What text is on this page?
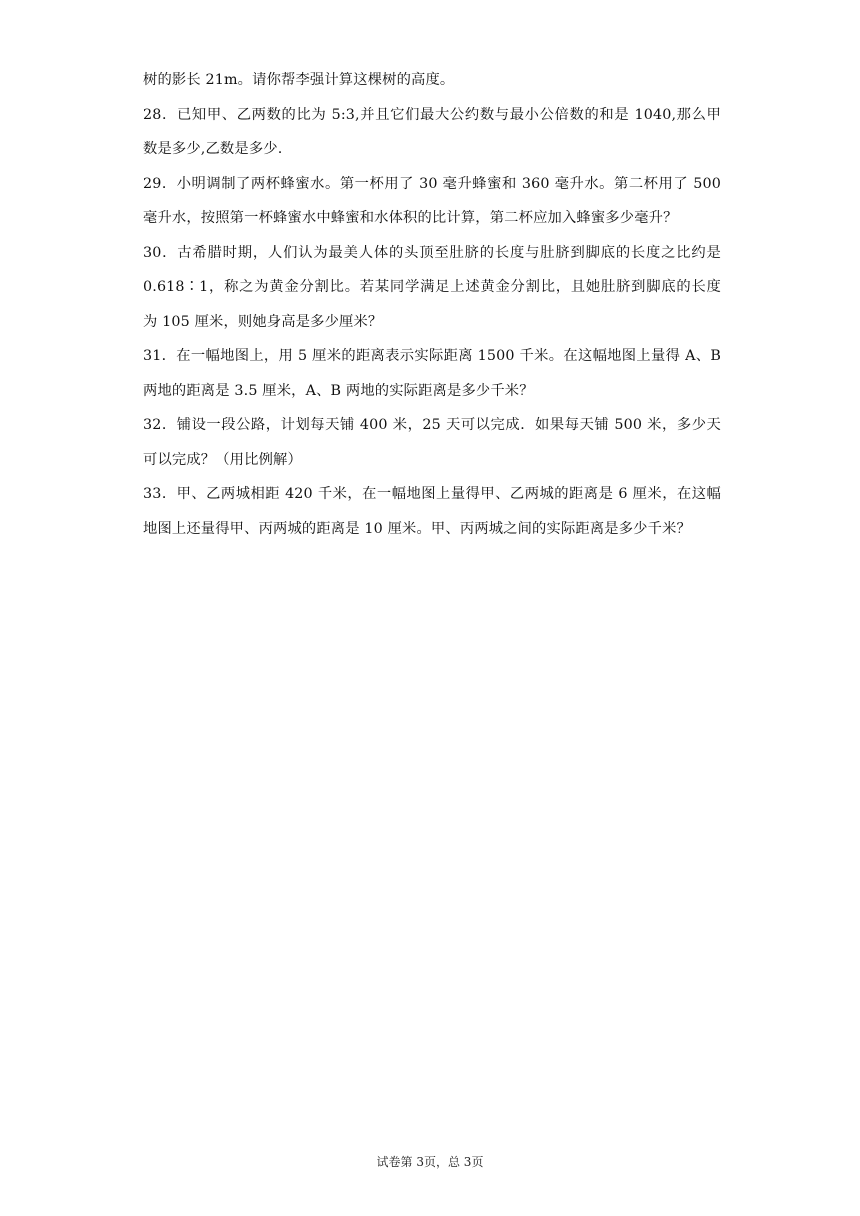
树的影长 21m。请你帮李强计算这棵树的高度。
28．已知甲、乙两数的比为 5:3,并且它们最大公约数与最小公倍数的和是 1040,那么甲
数是多少,乙数是多少.
29．小明调制了两杯蜂蜜水。第一杯用了 30 毫升蜂蜜和 360 毫升水。第二杯用了 500
毫升水，按照第一杯蜂蜜水中蜂蜜和水体积的比计算，第二杯应加入蜂蜜多少毫升？
30．古希腊时期，人们认为最美人体的头顶至肚脐的长度与肚脐到脚底的长度之比约是
0.618∶1，称之为黄金分割比。若某同学满足上述黄金分割比，且她肚脐到脚底的长度
为 105 厘米，则她身高是多少厘米？
31．在一幅地图上，用 5 厘米的距离表示实际距离 1500 千米。在这幅地图上量得 A、B
两地的距离是 3.5 厘米，A、B 两地的实际距离是多少千米？
32．铺设一段公路，计划每天铺 400 米，25 天可以完成．如果每天铺 500 米，多少天
可以完成？（用比例解）
33．甲、乙两城相距 420 千米，在一幅地图上量得甲、乙两城的距离是 6 厘米，在这幅
地图上还量得甲、丙两城的距离是 10 厘米。甲、丙两城之间的实际距离是多少千米？
试卷第 3页，总 3页
